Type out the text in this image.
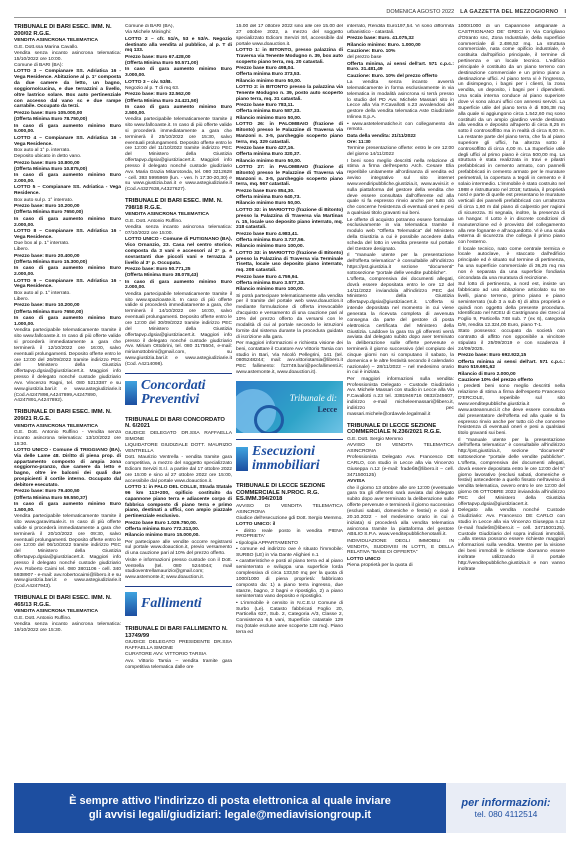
DOMENICA AGOSTO 2022 LA GAZZETTA DEL MEZZOGIORNO I
TRIBUNALE DI BARI ESEC. IMM. N. 200/02 R.G.E.

VENDITA ASINCRONA TELEMATICA

G.E. Dott.ssa Marina Cavallo.

Vendita senza incanto asincrona telematica: 15/10/2022 ore 10:00.

Comune di BARI (BA):

LOTTO 3 – Compianare SS. Adriatica 16 - Vega Residence. Abitazione al p. 1° composta da due camere da letto, un bagno, soggiorno/cucina, e due terrazzini a livello, oltre lastrico solare. Box auto pertinenziale con accesso dal vano sc e due rampe carrabile. Occupato da terzi.

Prezzo base: Euro 105.000,00

(Offerta Minima Euro 78.750,00)

In caso di gara aumento minimo Euro 5.000,00.

LOTTO 4 – Compianare SS. Adriatica 16 - Vega Residence.

Box auto al 1° p. interrato.

Deposito ubicato in detto vano.

Prezzo base: Euro 10.800,00

(Offerta Minima Euro 10.875,00)

In caso di gara aumento minimo Euro 2.000,00.

LOTTO 5 – Compianare SS. Adriatica - Vega Residence.

Box auto sul p. 1° interrato.

Prezzo base: Euro 10.200,00

(Offerta Minima Euro 7650,00)

In caso di gara aumento minimo Euro 2.000,00.

LOTTO 8 – Compianare SS. Adriatica 16 - Vega Residence.

Due box al p. 1° interrato.

Libero.

Prezzo base: Euro 20.400,00

(Offerta Minima Euro 15.300,00)

In caso di gara aumento minimo Euro 2.000,00.

LOTTO 9 – Compianare SS. Adriatica 16 - Vega Residence.

Box auto al p. 1° interrato.

Libero.

Prezzo base: Euro 10.200,00

(Offerta Minima Euro 7650,00)

In caso di gara aumento minimo Euro 1.000,00.

Vendita partecipabile telematicamente tramite il sito www.fallcoaste.it. In caso di più offerte valide si procederà immediatamente a gara che terminerà il 12/10/2022 ore 16:00, salvo eventuali prolungamenti. Deposito offerte entro le ore 12:00 del 26/09/2022 tramite indirizzo PEC del Ministero della Giustizia offertapvp.dgsia@giustiziacert.it. Maggiori info presso il delegato nonché custode giudiziario Avv. Vincenzo Ragni, tel. 080 5213387 e su www.giustizia.bari.it e www.astegiudiziarie.it (Cod.A4247898,A4247899,A4247890, A4247891,A4247892).

TRIBUNALE DI BARI ESEC. IMM. N. 209/21 R.G.E.

VENDITA ASINCRONA TELEMATICA

G.E. Dott. Antonio Ruffino - Vendita senza incanto asincrona telematica: 13/10/2022 ore 15:30.

LOTTO UNICO - Comune di TRIGGIANO (BA), Via delle Lame 48. Diritto di piena prop. di appartamento composto di ampia zona soggiorno-pranzo, due camere da letto e bagno, oltre ire balconi dei quali due prospicienti il cortile interno. Occupato dal debitore esecutato.

Prezzo base: Euro 79.400,50

(Offerta Minima Euro 59.550,37)

In caso di gara aumento minimo Euro 1.500,00.

Vendita partecipabile telematicamente tramite il sito www.garavirtuale.it. In caso di più offerte valide si procederà immediatamente a gara che terminerà il 20/10/2022 ore 09:30, salvo eventuali prolungamenti. Deposito offerte entro le ore 12:00 del 06/10/2022 tramite indirizzo PEC del Ministero della Giustizia offertapvp.dgsia@giustiziacert.it. Maggiori info presso il delegato nonché custode giudiziario Avv. Roberto Caimi tel. 080 3801106 - cell. 340 5938907 - e-mail: avv.robertocaimi@libero.it e su www.giustizia.bari.it e www.astegiudiziarie.it (Cod.A4247943).

TRIBUNALE DI BARI ESEC. IMM. N. 465/13 R.G.E.

VENDITA ASINCRONA TELEMATICA

G.E. Dott. Antonio Ruffino.

Vendita senza incanto asincrona telematica: 19/10/2022 ore 15:30.

Comune di BARI (BA),

Via Michele Mininghi:

LOTTO 2 – cfr. 51/A, 53 e 53/A. Negozio destinato alla vendita al pubblico, al p. T di mq 133.

Prezzo base: Euro 67.428,00

(Offerta Minima Euro 50.571,00)

In caso di gara aumento minimo Euro 3.000,00.

LOTTO 3 – civ. 53/B.

Negozio al p. T di mq 63.

Prezzo base: Euro 32.562,00

(Offerta Minima Euro 24.421,50)

In caso di gara aumento minimo Euro 2.500,00.

Vendita partecipabile telematicamente tramite il sito www.fallcoaste.it. In caso di più offerte valide si procederà immediatamente a gara che terminerà il 25/10/2022 ore 15:30, salvo eventuali prolungamenti. Deposito offerte entro le ore 12:00 del 11/10/2022 tramite indirizzo PEC del Ministero della Giustizia offertapvp.dgsia@giustiziacert.it. Maggiori info presso il delegato nonché custode giudiziario Avv. Maria Grazia Mitarotonda, tel. 080 3212628 - cell. 393 5995969 (lun. - ven. h 17:30-20,30) e su www.giustizia.bari.it e www.astegiudiziarie.it (Cod.A4327638,A4327627).

TRIBUNALE DI BARI ESEC. IMM. N. 798/18 R.G.E.

VENDITA ASINCRONA TELEMATICA

G.E. Dott. Antonio Ruffino.

Vendita senza incanto asincrona telematica: 07/10/2022 ore 15:00.

LOTTO UNICO - Comune di PUTIGNANO (BA), Vico Ornanzio, 23. Casa nel centro storico, composta da 3 vani e accessori al 2° p. e sovrastanti due piccoli vani e terrazza a livello al 3° p. Occupata.

Prezzo base: Euro 50.771,25

(Offerta Minima Euro 38.078,43)

In caso di gara aumento minimo Euro 2.000,00.

Vendita partecipabile telematicamente tramite il sito www.spazioaste.it. In caso di più offerte valide si procederà immediatamente a gara, che terminerà il 14/10/2022 ore 16:00, salvo eventuali prolungamenti. Deposito offerte entro le ore 12:00 del 30/09/2022 tramite indirizzo PEC del Ministero della Giustizia offertapvp.dgsia@giustiziacert.it. Maggiori info presso il delegato nonché custode giudiziario Avv. Miriam Ottobrini, tel. 080 3175504, e-mail: miriamottobrini@gmail.com, su www.giustizia.bari.it e www.astegiudiziarie.it (Cod. A4214098).

Concordati
Preventivi
TRIBUNALE DI BARI CONCORDATO N. 6/2021

GIUDICE DELEGATO DR.SSA RAFFAELLA SIMONE

LIQUIDATORE GIUDIZIALE DOTT. MAURIZIO VENTRELLA

Dott. Maurizio Ventrella - vendita tramite gara competitiva, a mezzo del soggetto specializzato Edicom Servizi S.r.l. a partire dal 17 ottobre 2022 ore 15:00 e sino al 27 ottobre 2022 ore 15:00, accessibile dal portale www.doauction.it.

LOTTO 1: in PALO DEL COLLE, Strada Statale 96 km 113+200, opificio costituito da capannone piano terra e adiacente corpo di fabbrica composto di piano terra e primo piano, destinati a uffici, con ampio piazzale pertinenziale esclusivo.

Prezzo base Euro 1.029.750,00.

Offerta minima Euro 772.313,00.

Rilancio minimo Euro 15.000,00.

Per partecipare alle vendite occorre registrarsi sul portale www.doauction.it, previo versamento di una cauzione pari al 10% del prezzo offerto.

Visite e informazioni presso custode con il Dott. Ventrella (tel. 080 5244044; mail studioventrellamaurizio@gmail.com; www.astemonte.it; www.doauction.it.

Fallimenti
TRIBUNALE DI BARI FALLIMENTO N. 13749/99

GIUDICE DELEGATO PRESIDENTE DR.SSA RAFFAELLA SIMONE

CURATORE AVV. VITTORIO TARSIA

Avv. Vittorio Tarsia – vendita tramite gara competitiva telematica dalle ore

15.00 del 17 ottobre 2022 sino alle ore 15.00 del 27 ottobre 2022, a mezzo del soggetto specializzato Edicom Servizi Srl, accessibile dal portale www.doauction.it.

LOTTO 1: in BITONTO, presso palazzina di Traversa via Tenente Modugno n. 39, box auto scoperto piano terra, mq. 20 catastali.

Prezzo base Euro 498,04.

Offerta minima Euro 373,53.

Rilancio minimo Euro 50,00.

LOTTO 2: in BITONTO presso la palazzina via Tenente Modugno n. 39, posto auto scoperto piano terra, mq. 31 catastali.

Prezzo base Euro 783,11.

Offerta minima Euro 587,33.

Rilancio minimo Euro 50,00.

LOTTO 26: in PALOMBAIO (frazione di Bitonto) presso le Palazzine di Traversa via Manzoni n. 3-5, parcheggio scoperto piano terra, mq. 329 catastali.

Prezzo base Euro 427,16.

Offerta minima Euro 320,37.

Rilancio minimo Euro 50,00.

LOTTO 27: in PALOMBAIO (frazione di Bitonto) presso le Palazzine di Traversa via Manzoni n. 3-5, parcheggio scoperto piano terra, mq. 567 catastali.

Prezzo base Euro 854,30.

Offerta minima Euro 640,73.

Rilancio minimo Euro 50,00.

LOTTO 32: in MARIOTTO (frazione di Bitonto) presso la Palazzina di Traversa via Martinas n. 15, locale uso deposito piano interrato, mq. 218 catastali.

Prezzo base Euro 4.983,41.

Offerta minima Euro 3.737,56.

Rilancio minimo Euro 100,00.

LOTTO 33: in MARIOTTO (frazione di Bitonto) presso la Palazzina di Traversa via Terminale Tisetta, locale uso deposito piano interrato, mq. 208 catastali.

Prezzo base Euro 4.759,94.

Offerta minima Euro 3.577,33.

Rilancio minimo Euro 100,00.

Si potrà partecipare telematicamente alla vendita per il tramite del portale web www.doauction.it mediante formulazione di offerta irrevocabile d'acquisto e versamento di una cauzione pari al 10% del prezzo offerto da versarsi con le modalità di cui al portale secondo le istruzioni fornite dal sistema durante la procedura guidata di iscrizione alla gara.

Per maggiori informazioni e richiesta visione dei beni, contattare il Curatore Avv Vittorio Tarsia con studio in Bari, Via Nicolò Pellegrini, 141 (tel. 0805248244; mail: avv.vittoriotarsia@libero.it PEC fallimento: f13749.bari@pecfallimenti.it; www.astemonte.it, www.doauction.it).

Tribunale di:
Lecce
Esecuzioni
immobiliari
TRIBUNALE DI LECCE SEZIONE COMMERCIALE N.PROC. R.G. ES.IMM.394/2018

AVVISO DI VENDITA TELEMATICA ASINCRONA

Giudice dell'esecuzione gdi Dott. Sergio Memmo.

LOTTO UNICO: il

• diritto reale posto in vendita PIENA PROPRIETA'

• tipologia APPARTAMENTO

• comune ed indirizzo ove è situato l'immobile: SURBO (LE) in Via Dante Alighieri n.1

• caratteristiche e posti al piano terra ed al piano seminterrato e sviluppa una superficie lorda complessiva di circa 133,50 mq per la quota di 1000/1000 di piena proprietà: fabbricato composto da: 1) a piano terra ingresso, due stanze, bagno, 2 bagni e ripostiglio, 2) a piano seminterrato vano deposito e ripostiglio.

• L'immobile è censito in N.C.E.U Comune di Surbo (Le). Catasto fabbricati Foglio 20, Particella 627, Sub. 2, Categoria A/3, Classe 2, Consistenza 6,5 vani, Superficie catastale 129 mq (totale escluse aree scoperte 128 mq). Piano terra ed

interrato, Rendita Euro197,54. Vi sono difformità urbanistico - catastali.

Prezzo base: Euro. 41.075,32

Rilancio minimo: Euro. 1.000,00

Cauzione: Euro. 10%

del prezzo base

Offerta minima, ai sensi dell'art. 571 c.p.c.: Euro. 31.481,49

Cauzione: Euro. 10% del prezzo offerto

La vendita senza incanto avverrà telematicamente in forma esclusivamente in via telematica in modalità asincrona si terrà presso lo studio del PD Avv. Michele Massari sito in Lecce alla Via F.Cavallotti n.23 avvalendosi del gestore della vendita telematica Aste Giudiziarie Inlinea S.p.A.

• www.astetelematiche.it con collegamento da remoto.

Data della vendita: 21/11/2022

Ore: 11:30

Termine presentazione offerte: entro le ore 12:00 del giorno 14/11/2022

I beni sono meglio descritti nella relazione di stima a firma dell'esperto Arch. Cesare Elia reperibile unitamente all'ordinanza di vendita ed avviso integrativo sul sito internet www.vendiripubbliche.giustizia.it, www.avvisi.it e sulla piattaforma del gestore della vendita che deve essere consultata dall'offerente ed alla quale si fa espresso rinvio anche per tutto ciò che concerne l'esistenza di eventuali oneri e pesi a qualsiasi titolo gravanti sui beni.

Le offerte di acquisto potranno essere formulate esclusivamente in via telematica tramite il modulo web "Offerta Telematica" del Ministero della Giustizia a cui è possibile accedere dalla scheda del lotto in vendita presente sul portale del Gestore designato.

Il "manuale utente per la presentazione dell'offerta telematica" è consultabile all'indirizzo https://pst.giustizia.it sezione "documenti" sottosezione "portale delle vendite pubbliche".

L'offerta, comprensiva dei documenti allegati, dovrà essere depositata entro le ore 12 del 14/11/2022 inviandola all'indirizzo PEC del Ministero della Giustizia offertapvp.dgsia@giustiziacert.it. L'offerta si intende depositata nel momento in cui viene generata la ricevuta completa di avvenuta consegna da parte del gestore di posta elettronica certificata del Ministero della Giustizia. Laddove la gara tra gli offerenti verrà avviata dal delegato subito dopo aver terminato la deliberazione sulle offerte pervenute e terminerà il giorno successivo (del compiuto dei cinque giorni non si computano il sabato, la domenica e le altre festività secondo il calendario nazionale) – 28/11/2022 – nel medesimo orario in cui è iniziata.

Per maggiori informazioni sulla vendita: Professionista Delegato - Custode Giudiziario Avv. Michele Massari con studio in Lecce alla Via F.Cavallotti n.23 tel. 3381946716 0832/245607, indirizzo e-mail micheleemassari@libero.it, indirizzo pec massari.michele@ordavvle.legalmail.it

TRIBUNALE DI LECCE SEZIONE COMMERCIALE N.236/2021 R.G.E.

G.E. Dott. Sergio Memmo

AVVISO DI VENDITA TELEMATICA ASINCRONA

Professionista Delegato Avv. Francesco DE CARLO, con studio in Lecce alla via Vincenzo Giuseppa n.12 (e-mail: fradeб8@libero.it – cell. 3471500125)

AVVISA

che il giorno 13 ottobre alle ore 12:00 (eventuale gara tra gli offerenti sarà avviata dal delegato subito dopo aver terminato la deliberazione sulle offerte pervenute e terminerà il giorno successivo (esclusi sabati, domeniche e festivi) e cioè il 20.10.2022 - nel medesimo orario in cui è iniziata) si procederà alla vendita telematica asincrona tramite la piattaforma del gestore ABILIO S.P.A. www.venditepubblichenotarili.it.

INDIVIDUAZIONE DEGLI IMMOBILI IN VENDITA, SUDDIVISI IN LOTTI, E DELLA RELATIVA "BASE DI OFFERTA"

LOTTO UNICO

Piena proprietà per la quota di

1000/1000 di un Capannone artigianale a CASTRIGNANO DE' GRECI in Via Corigliano d'Otranto snc, Zona Industriale, della superficie commerciale di 2.486,52 mq. La struttura commerciale, nata come opificio industriale, è costituita dall'opificio principale, il termine di pertinenza e un locale tecnico. L'edificio principale è costituito da un piano terreno con destinazione commerciale e un primo piano a destinazione uffici. Al piano terra vi è l'ingresso, un disimpegno, i bagni per i clienti, la zona vendita, un deposito, i bagni per i dipendenti. Una scala interna conduce al piano superiore dove vi sono alcuni uffici con annessi servizi. La Superficie utile del piano terra è di 936,38 mq alla quale si aggiungono circa 1.542,60 mq sono costituiti da un ampio giardino verde destinato alla vendita e deposito all'aperto di circa 8,25 m sotto il controsoffitto ma in realtà di circa 8,00 m. La restante parte del piano terra, che fa al piano superiore gli uffici, ha altezza sotto il controsoffitto di circa 4,00 m. La Superficie utile degli uffici al primo piano è circa 500,00 mq. La struttura è stata realizzata in travi e pilastri prefabbricati in cemento armato, con pannelli prefabbricati in cemento armato per le murature perimetrali, la copertura a tegoli in cemento e il solaio intermedio. L'immobile è stato costruito nel 1988 e ristrutturato nel 2018; tuttavia, il proprietà nord e parte di quelle est presentano le murature verticali dei pannelli prefabbricati con un'altezza di circa 1,60 m dal piano di calpestio per ragioni di sicurezza. Si segnala, inoltre, la presenza di un hangar. Il Lotto è in discrete condizioni di manutenzione ed è provvisto del collegamento alla rete fognante e all'acquedotto. Vi è una scala esterna di sicurezza che collega il primo piano con l'esterno.

Il locale tecnico, nato come centrale termica e locale autoclave, è staccato dall'edificio principale ed è situato sul termine di pertinenza, ha una superficie commerciale di 36,25 mq ma non è separata da una superficie fondiaria circondata da una muratura di recinzione.

Sul lotto di pertinenza, a nord est, insiste un fabbricato ad uso abitazione articolato su tre livelli, piano terreno, primo piano e piano seminterrato (sub 3 a sub 6) di altra proprietà e quindi non oggetto della presente procedura. Identificato nel NCEU di Castrignano dei Greci al Foglio 9, Particella 748 sub. 7 (ex 6), categoria D/8, rendita 12.324,00 Euro, piano T-1.

Stato possesso: occupato da società con contratto di affitto non opponibile a vincitore stipulato il 25/09/2019 e con scadenza il 24/09/2025.

Prezzo base: Euro 692.922,15

Offerta minima ai sensi dell'art. 571 c.p.c.: Euro 519.691,62

Rilancio di Euro 2.000,00

Cauzione 10% del prezzo offerto

I predetti beni sono meglio descritti nella relazione di stima a firma dell'esperto Francesco D'ERCOLE, reperibile sul sito www.venditepubbliche.giustizia.it e www.asteannunci.it che deve essere consultata dal presentatore dell'offerta ed alla quale si fa espresso rinvio anche per tutto ciò che concerne l'esistenza di eventuali oneri e pesi a qualsiasi titolo gravanti sui beni.

Il "manuale utente per la presentazione dell'offerta telematica" è consultabile all'indirizzo http://pst.giustizia.it, sezione "documenti" sottosezione "portale delle vendite pubbliche". L'offerta, comprensiva dei documenti allegati, dovrà essere depositata entro le ore 12:00 del 5° giorno lavorativo (esclusi sabati, domeniche e festivi) antecedente a quello fissato nell'avviso di vendita telematica, ovvero entro le ore 12:00 del giorno 06 OTTOBRE 2022 inviandola all'indirizzo PEC del Ministero della Giustizia offertapvp.dgsia@giustiziacert.it.

Delegato alla vendita nonché Custode Giudiziario: Avv. Francesco DE CARLO con studio in Lecce alla via Vincenzo Giuseppa n.12 (e-mail fradeб8@libero.it – cell. 3471500125). Custode Giudiziario del sopra indicati immobili, ...alla stessa possono essere richieste maggiori informazioni sulla vendita. Mentre per la visione dei beni immobili le richieste dovranno essere inoltrate utilizzando il portale http://venditepubbliche.giustizia.it e non vanno inoltrate

È sempre attivo l'indirizzo di posta elettronica al quale inviare
gli avvisi legali/giudiziari: legale@mediavisiongroup.it
per informazioni:
tel. 080 4112514
